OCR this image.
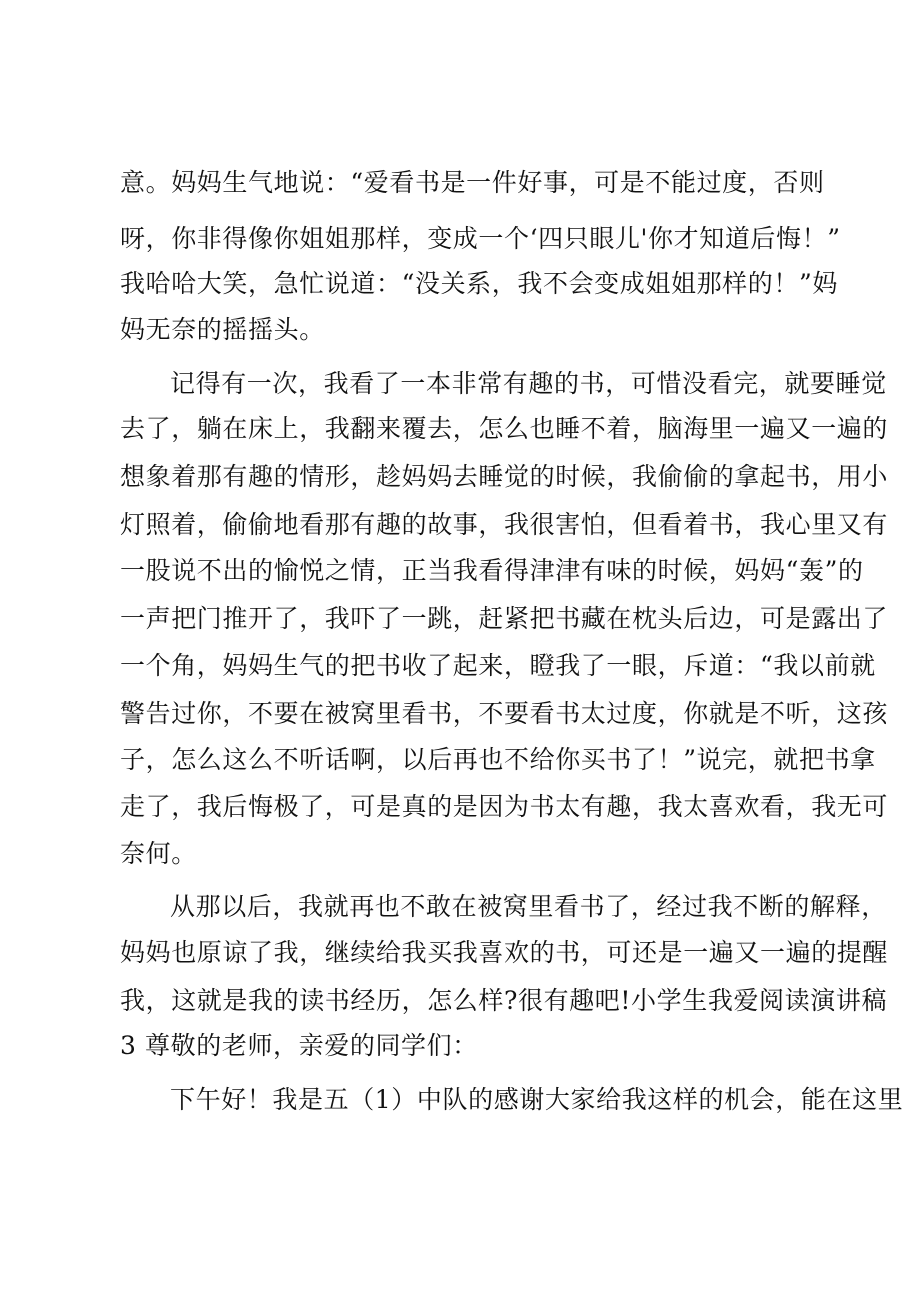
意。妈妈生气地说：“爱看书是一件好事，可是不能过度，否则
呀，你非得像你姐姐那样，变成一个‘四只眼儿'你才知道后悔！”
我哈哈大笑，急忙说道：“没关系，我不会变成姐姐那样的！”妈
妈无奈的摇摇头。
记得有一次，我看了一本非常有趣的书，可惜没看完，就要睡觉
去了，躺在床上，我翻来覆去，怎么也睡不着，脑海里一遍又一遍的
想象着那有趣的情形，趁妈妈去睡觉的时候，我偷偷的拿起书，用小
灯照着，偷偷地看那有趣的故事，我很害怕，但看着书，我心里又有
一股说不出的愉悦之情，正当我看得津津有味的时候，妈妈“轰”的
一声把门推开了，我吓了一跳，赶紧把书藏在枕头后边，可是露出了
一个角，妈妈生气的把书收了起来，瞪我了一眼，斥道：“我以前就
警告过你，不要在被窝里看书，不要看书太过度，你就是不听，这孩
子，怎么这么不听话啊，以后再也不给你买书了！”说完，就把书拿
走了，我后悔极了，可是真的是因为书太有趣，我太喜欢看，我无可
奈何。
从那以后，我就再也不敢在被窝里看书了，经过我不断的解释，
妈妈也原谅了我，继续给我买我喜欢的书，可还是一遍又一遍的提醒
我，这就是我的读书经历，怎么样?很有趣吧!小学生我爱阅读演讲稿
3 尊敬的老师，亲爱的同学们：
下午好！我是五（1）中队的感谢大家给我这样的机会，能在这里
